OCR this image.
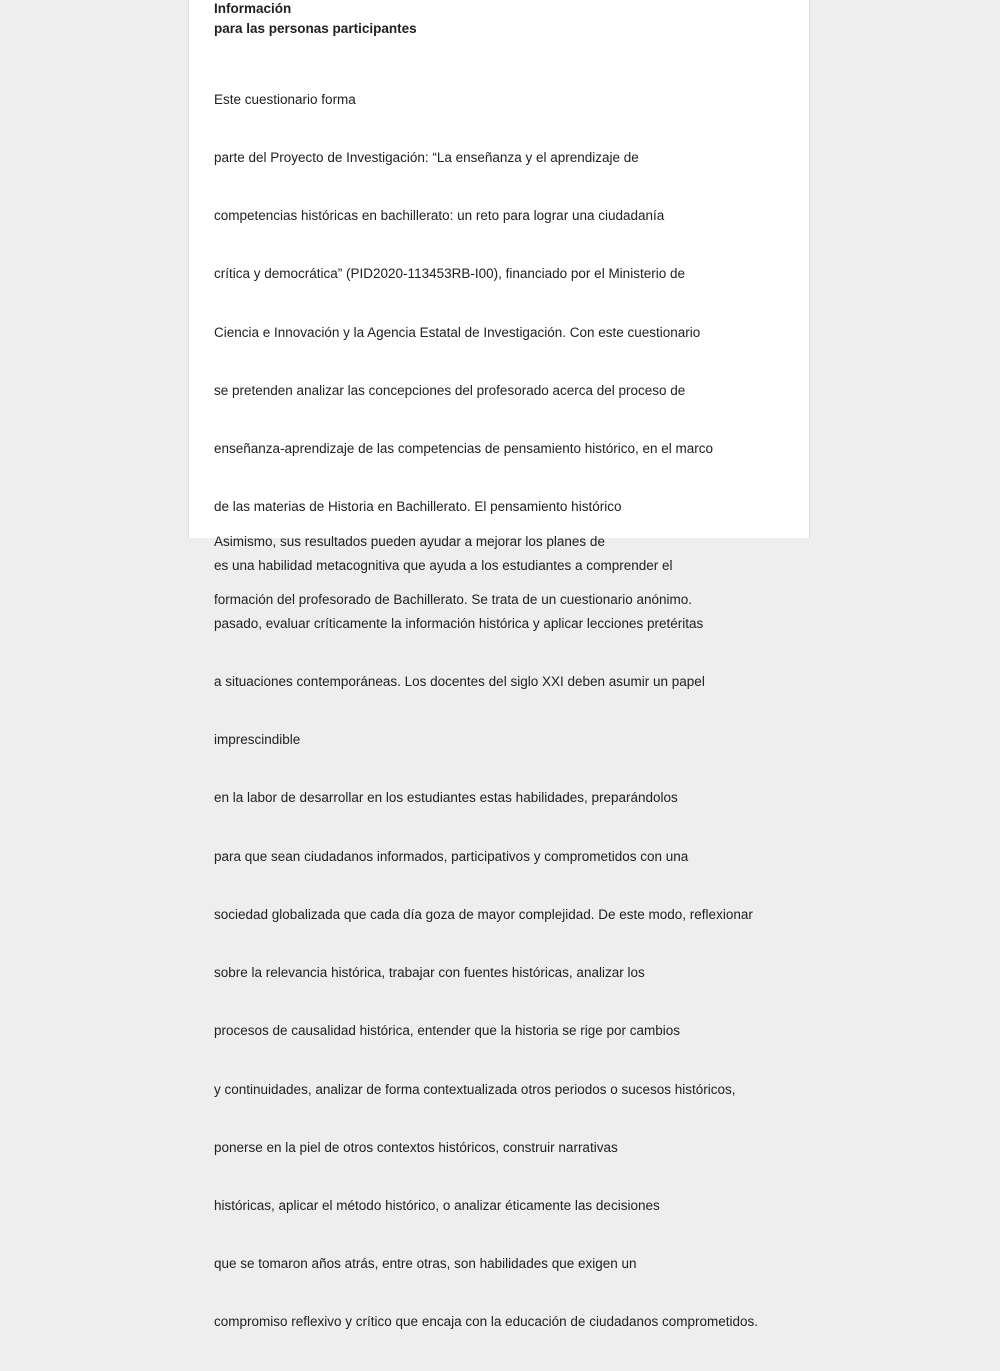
Información
para las personas participantes

Este cuestionario forma

parte del Proyecto de Investigación: “La enseñanza y el aprendizaje de

competencias históricas en bachillerato: un reto para lograr una ciudadanía

crítica y democrática” (PID2020-113453RB-I00), financiado por el Ministerio de

Ciencia e Innovación y la Agencia Estatal de Investigación. Con este cuestionario

se pretenden analizar las concepciones del profesorado acerca del proceso de

enseñanza-aprendizaje de las competencias de pensamiento histórico, en el marco

de las materias de Historia en Bachillerato. El pensamiento histórico

es una habilidad metacognitiva que ayuda a los estudiantes a comprender el

pasado, evaluar críticamente la información histórica y aplicar lecciones pretéritas

a situaciones contemporáneas. Los docentes del siglo XXI deben asumir un papel

imprescindible

en la labor de desarrollar en los estudiantes estas habilidades, preparándolos

para que sean ciudadanos informados, participativos y comprometidos con una

sociedad globalizada que cada día goza de mayor complejidad. De este modo, reflexionar

sobre la relevancia histórica, trabajar con fuentes históricas, analizar los

procesos de causalidad histórica, entender que la historia se rige por cambios

y continuidades, analizar de forma contextualizada otros periodos o sucesos históricos,

ponerse en la piel de otros contextos históricos, construir narrativas

históricas, aplicar el método histórico, o analizar éticamente las decisiones

que se tomaron años atrás, entre otras, son habilidades que exigen un

compromiso reflexivo y crítico que encaja con la educación de ciudadanos comprometidos.

Asimismo, sus resultados pueden ayudar a mejorar los planes de

formación del profesorado de Bachillerato. Se trata de un cuestionario anónimo.
